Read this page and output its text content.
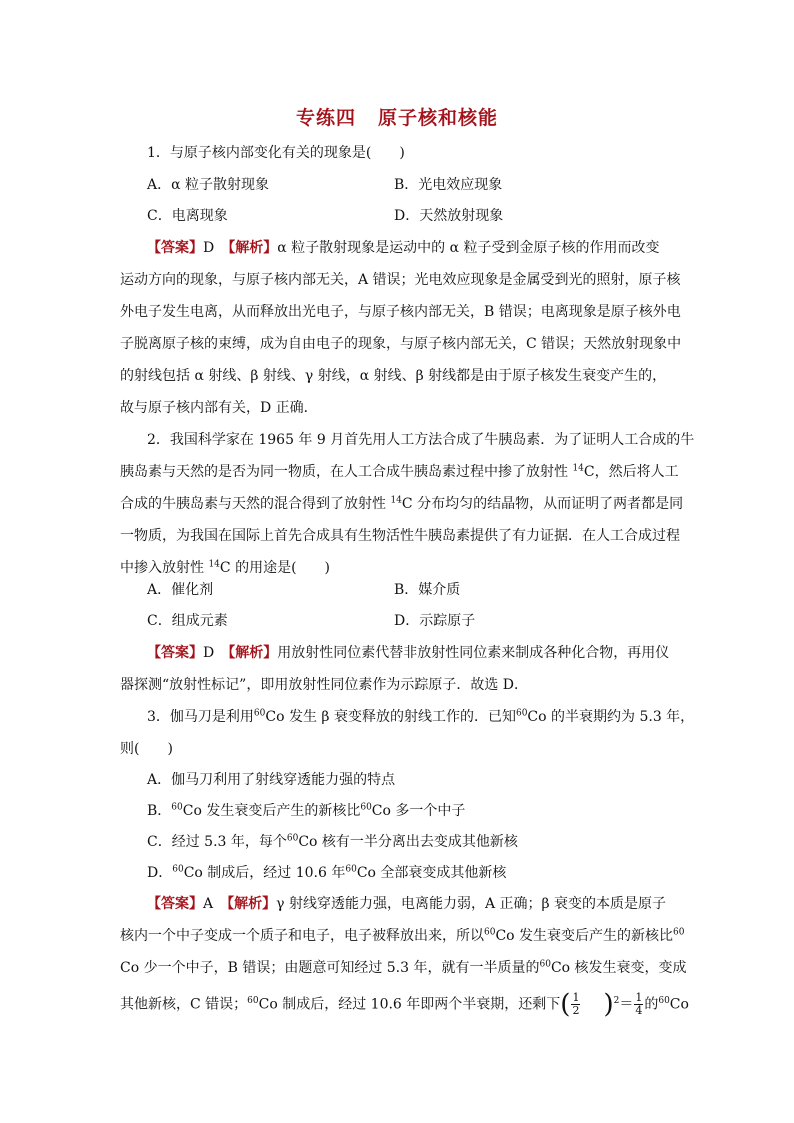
专练四 原子核和核能
1．与原子核内部变化有关的现象是(　　)
A．α 粒子散射现象	B．光电效应现象
C．电离现象	D．天然放射现象
【答案】D　【解析】α 粒子散射现象是运动中的 α 粒子受到金原子核的作用而改变
运动方向的现象，与原子核内部无关，A 错误；光电效应现象是金属受到光的照射，原子核
外电子发生电离，从而释放出光电子，与原子核内部无关，B 错误；电离现象是原子核外电
子脱离原子核的束缚，成为自由电子的现象，与原子核内部无关，C 错误；天然放射现象中
的射线包括 α 射线、β 射线、γ 射线，α 射线、β 射线都是由于原子核发生衰变产生的，
故与原子核内部有关，D 正确．
2．我国科学家在 1965 年 9 月首先用人工方法合成了牛胰岛素．为了证明人工合成的牛
胰岛素与天然的是否为同一物质，在人工合成牛胰岛素过程中掺了放射性 $^{14}$C，然后将人工
合成的牛胰岛素与天然的混合得到了放射性 $^{14}$C 分布均匀的结晶物，从而证明了两者都是同
一物质，为我国在国际上首先合成具有生物活性牛胰岛素提供了有力证据．在人工合成过程
中掺入放射性 $^{14}$C 的用途是(　　)
A．催化剂	B．媒介质
C．组成元素	D．示踪原子
【答案】D　【解析】用放射性同位素代替非放射性同位素来制成各种化合物，再用仪
器探测“放射性标记”，即用放射性同位素作为示踪原子．故选 D．
3．伽马刀是利用$^{60}$Co 发生 β 衰变释放的射线工作的．已知$^{60}$Co 的半衰期约为 5.3 年，
则(　　)
A．伽马刀利用了射线穿透能力强的特点
B．$^{60}$Co 发生衰变后产生的新核比$^{60}$Co 多一个中子
C．经过 5.3 年，每个$^{60}$Co 核有一半分离出去变成其他新核
D．$^{60}$Co 制成后，经过 10.6 年$^{60}$Co 全部衰变成其他新核
【答案】A　【解析】γ 射线穿透能力强，电离能力弱，A 正确；β 衰变的本质是原子
核内一个中子变成一个质子和电子，电子被释放出来，所以$^{60}$Co 发生衰变后产生的新核比$^{60}$
Co 少一个中子，B 错误；由题意可知经过 5.3 年，就有一半质量的$^{60}$Co 核发生衰变，变成
其他新核，C 错误；$^{60}$Co 制成后，经过 10.6 年即两个半衰期，还剩下( $\frac{1}{2} )^2= \frac{1}{4}$ 的$^{60}$Co
